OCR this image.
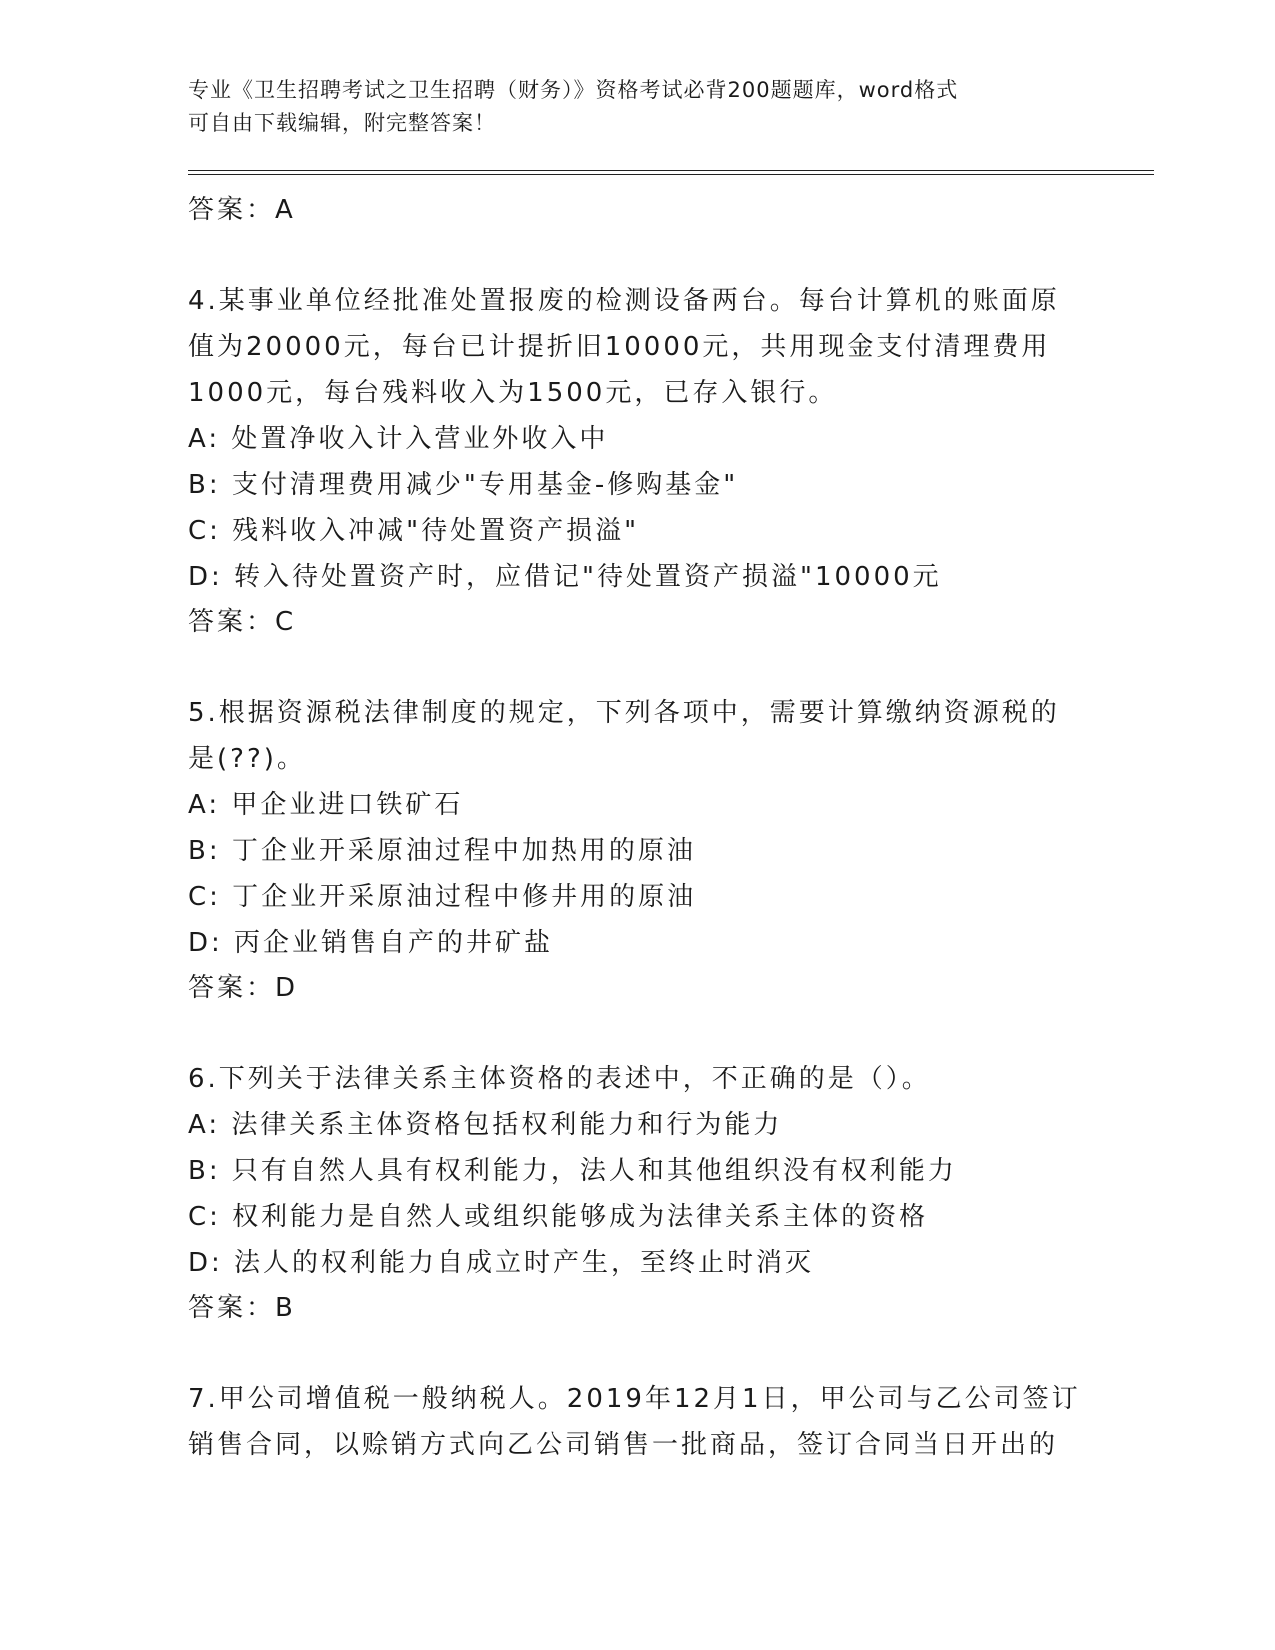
专业《卫生招聘考试之卫生招聘（财务）》资格考试必背200题题库，word格式
可自由下载编辑，附完整答案！
答案：A
4.某事业单位经批准处置报废的检测设备两台。每台计算机的账面原
值为20000元，每台已计提折旧10000元，共用现金支付清理费用
1000元，每台残料收入为1500元，已存入银行。
A: 处置净收入计入营业外收入中
B: 支付清理费用减少"专用基金-修购基金"
C: 残料收入冲减"待处置资产损溢"
D: 转入待处置资产时，应借记"待处置资产损溢"10000元
答案：C
5.根据资源税法律制度的规定，下列各项中，需要计算缴纳资源税的
是(??)。
A: 甲企业进口铁矿石
B: 丁企业开采原油过程中加热用的原油
C: 丁企业开采原油过程中修井用的原油
D: 丙企业销售自产的井矿盐
答案：D
6.下列关于法律关系主体资格的表述中，不正确的是（）。
A: 法律关系主体资格包括权利能力和行为能力
B: 只有自然人具有权利能力，法人和其他组织没有权利能力
C: 权利能力是自然人或组织能够成为法律关系主体的资格
D: 法人的权利能力自成立时产生，至终止时消灭
答案：B
7.甲公司增值税一般纳税人。2019年12月1日，甲公司与乙公司签订
销售合同，以赊销方式向乙公司销售一批商品，签订合同当日开出的
